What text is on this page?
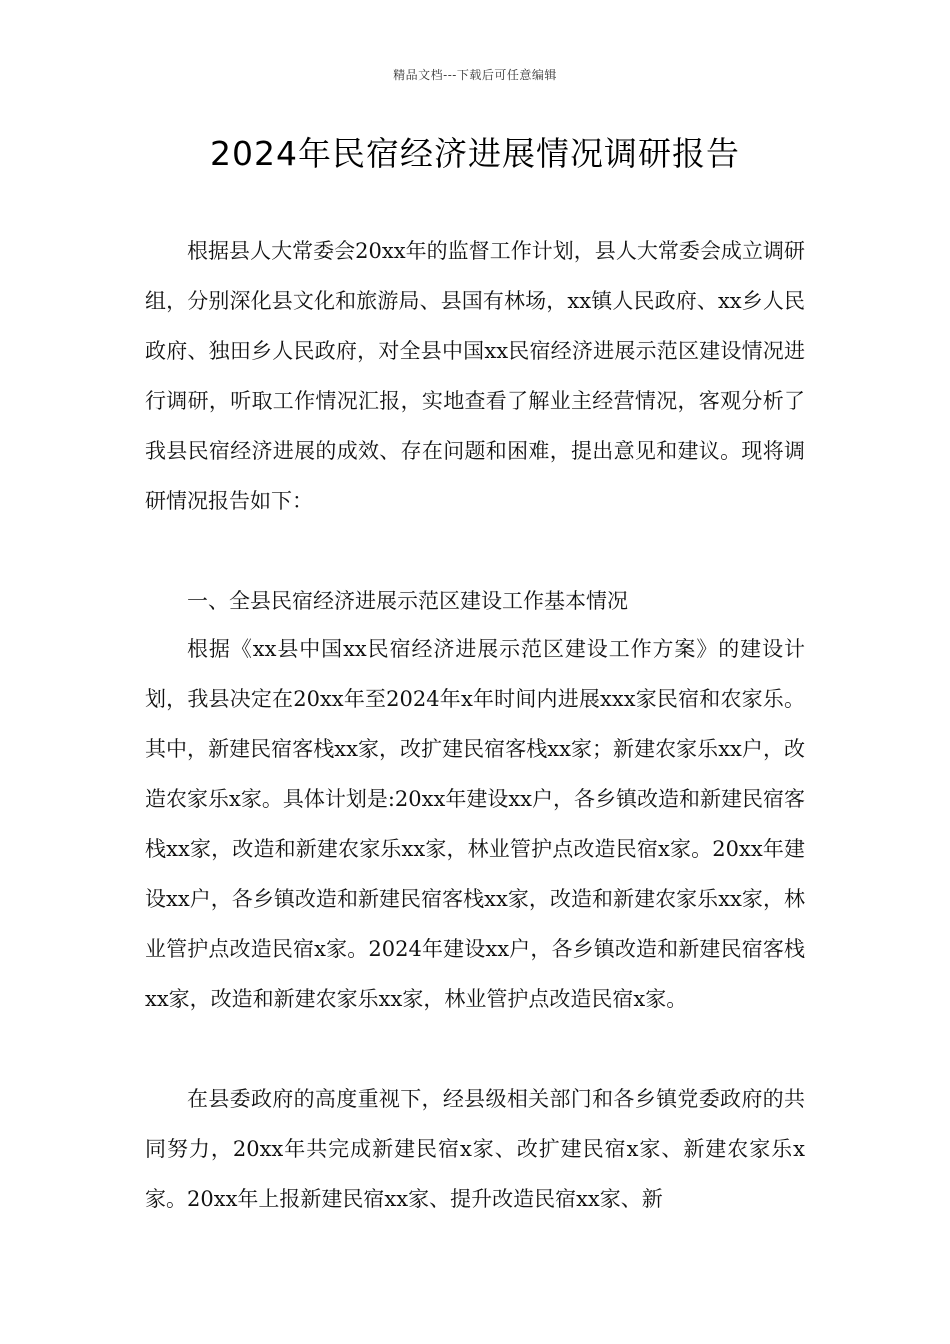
精品文档---下载后可任意编辑
2024年民宿经济进展情况调研报告

根据县人大常委会20xx年的监督工作计划，县人大常委会成立调研组，分别深化县文化和旅游局、县国有林场，xx镇人民政府、xx乡人民政府、独田乡人民政府，对全县中国xx民宿经济进展示范区建设情况进行调研，听取工作情况汇报，实地查看了解业主经营情况，客观分析了我县民宿经济进展的成效、存在问题和困难，提出意见和建议。现将调研情况报告如下：

一、全县民宿经济进展示范区建设工作基本情况

根据《xx县中国xx民宿经济进展示范区建设工作方案》的建设计划，我县决定在20xx年至2024年x年时间内进展xxx家民宿和农家乐。其中，新建民宿客栈xx家，改扩建民宿客栈xx家；新建农家乐xx户，改造农家乐x家。具体计划是:20xx年建设xx户，各乡镇改造和新建民宿客栈xx家，改造和新建农家乐xx家，林业管护点改造民宿x家。20xx年建设xx户，各乡镇改造和新建民宿客栈xx家，改造和新建农家乐xx家，林业管护点改造民宿x家。2024年建设xx户，各乡镇改造和新建民宿客栈xx家，改造和新建农家乐xx家，林业管护点改造民宿x家。

在县委政府的高度重视下，经县级相关部门和各乡镇党委政府的共同努力，20xx年共完成新建民宿x家、改扩建民宿x家、新建农家乐x家。20xx年上报新建民宿xx家、提升改造民宿xx家、新
